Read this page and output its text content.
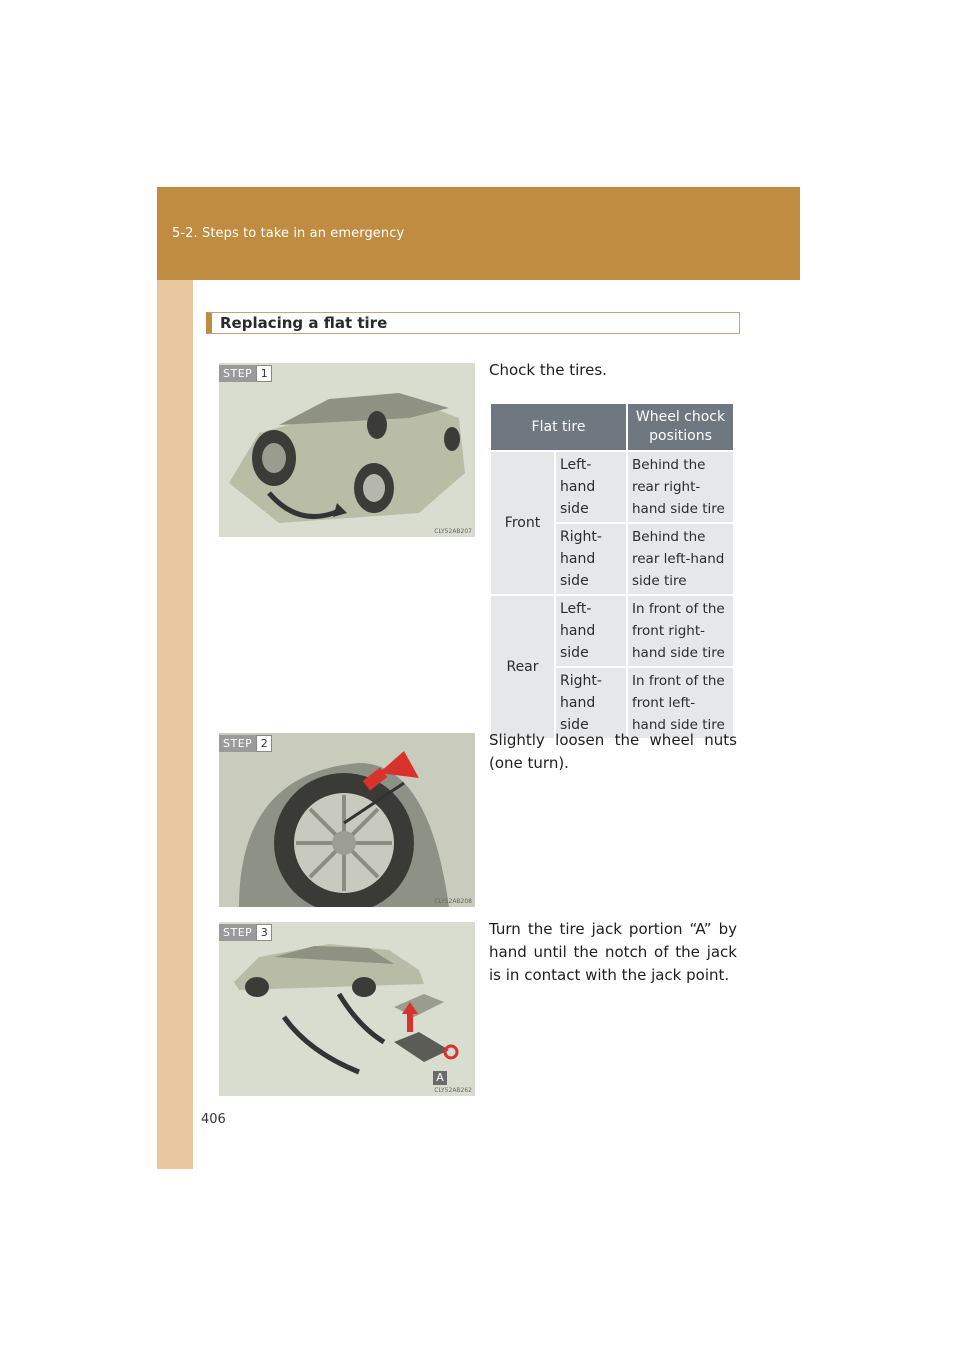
5-2. Steps to take in an emergency
Replacing a flat tire
STEP 1
CLY52AB207
Chock the tires.
Flat tire		Wheel chock positions
Front	Left-hand side	Behind the rear right-hand side tire
	Right-hand side	Behind the rear left-hand side tire
Rear	Left-hand side	In front of the front right-hand side tire
	Right-hand side	In front of the front left-hand side tire
STEP 2
CLY52AB208
Slightly loosen the wheel nuts (one turn).
STEP 3
A
CLY52AB262
Turn the tire jack portion “A” by hand until the notch of the jack is in contact with the jack point.
406
